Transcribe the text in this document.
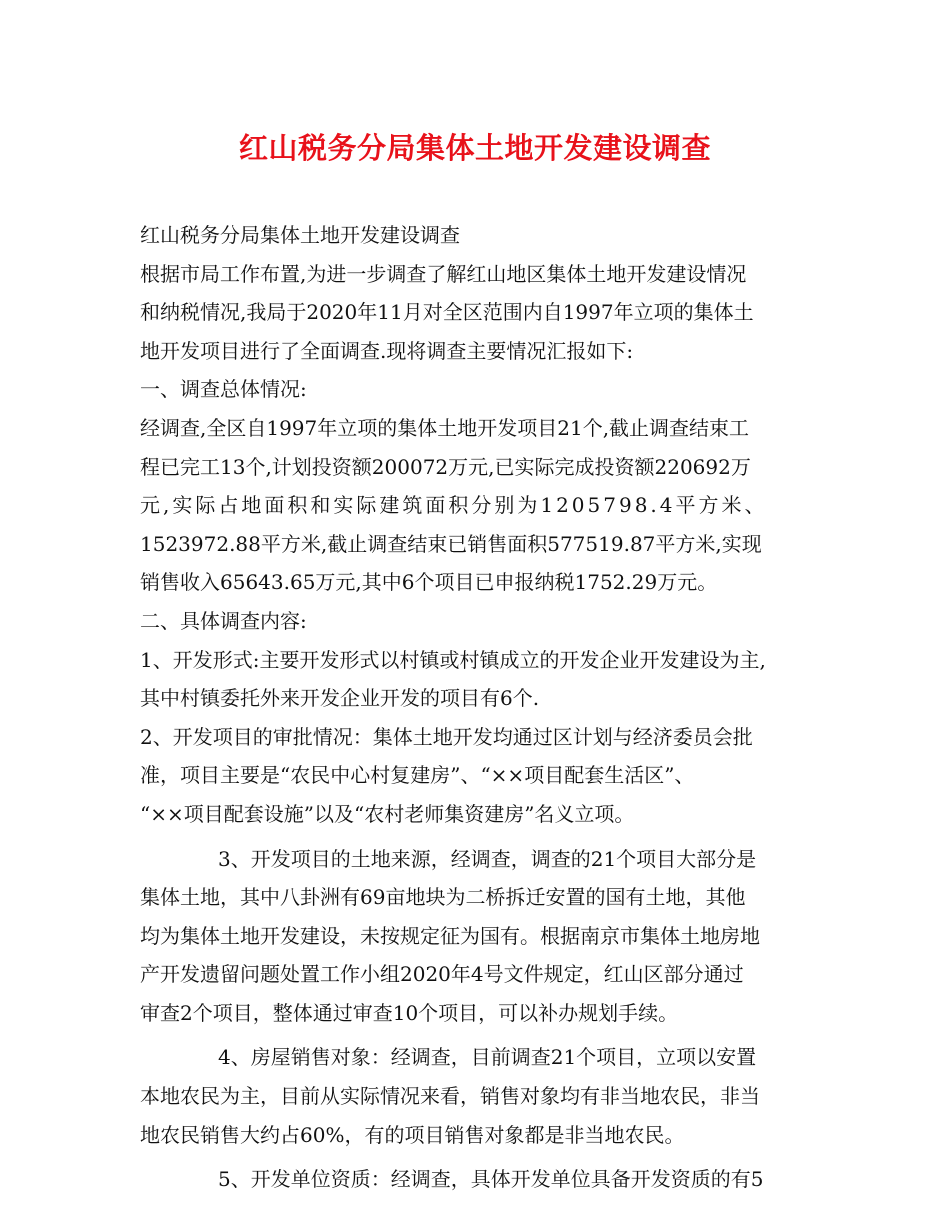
红山税务分局集体土地开发建设调查
红山税务分局集体土地开发建设调查
根据市局工作布置,为进一步调查了解红山地区集体土地开发建设情况
和纳税情况,我局于2020年11月对全区范围内自1997年立项的集体土
地开发项目进行了全面调查.现将调查主要情况汇报如下:
一、调查总体情况:
经调查,全区自1997年立项的集体土地开发项目21个,截止调查结束工
程已完工13个,计划投资额200072万元,已实际完成投资额220692万
元,实际占地面积和实际建筑面积分别为1205798.4平方米、
1523972.88平方米,截止调查结束已销售面积577519.87平方米,实现
销售收入65643.65万元,其中6个项目已申报纳税1752.29万元。
二、具体调查内容:
1、开发形式:主要开发形式以村镇或村镇成立的开发企业开发建设为主,
其中村镇委托外来开发企业开发的项目有6个.
2、开发项目的审批情况：集体土地开发均通过区计划与经济委员会批
准，项目主要是“农民中心村复建房”、“××项目配套生活区”、
“××项目配套设施”以及“农村老师集资建房”名义立项。
3、开发项目的土地来源，经调查，调查的21个项目大部分是
集体土地，其中八卦洲有69亩地块为二桥拆迁安置的国有土地，其他
均为集体土地开发建设，未按规定征为国有。根据南京市集体土地房地
产开发遗留问题处置工作小组2020年4号文件规定，红山区部分通过
审查2个项目，整体通过审查10个项目，可以补办规划手续。
4、房屋销售对象：经调查，目前调查21个项目，立项以安置
本地农民为主，目前从实际情况来看，销售对象均有非当地农民，非当
地农民销售大约占60%，有的项目销售对象都是非当地农民。
5、开发单位资质：经调查，具体开发单位具备开发资质的有5
